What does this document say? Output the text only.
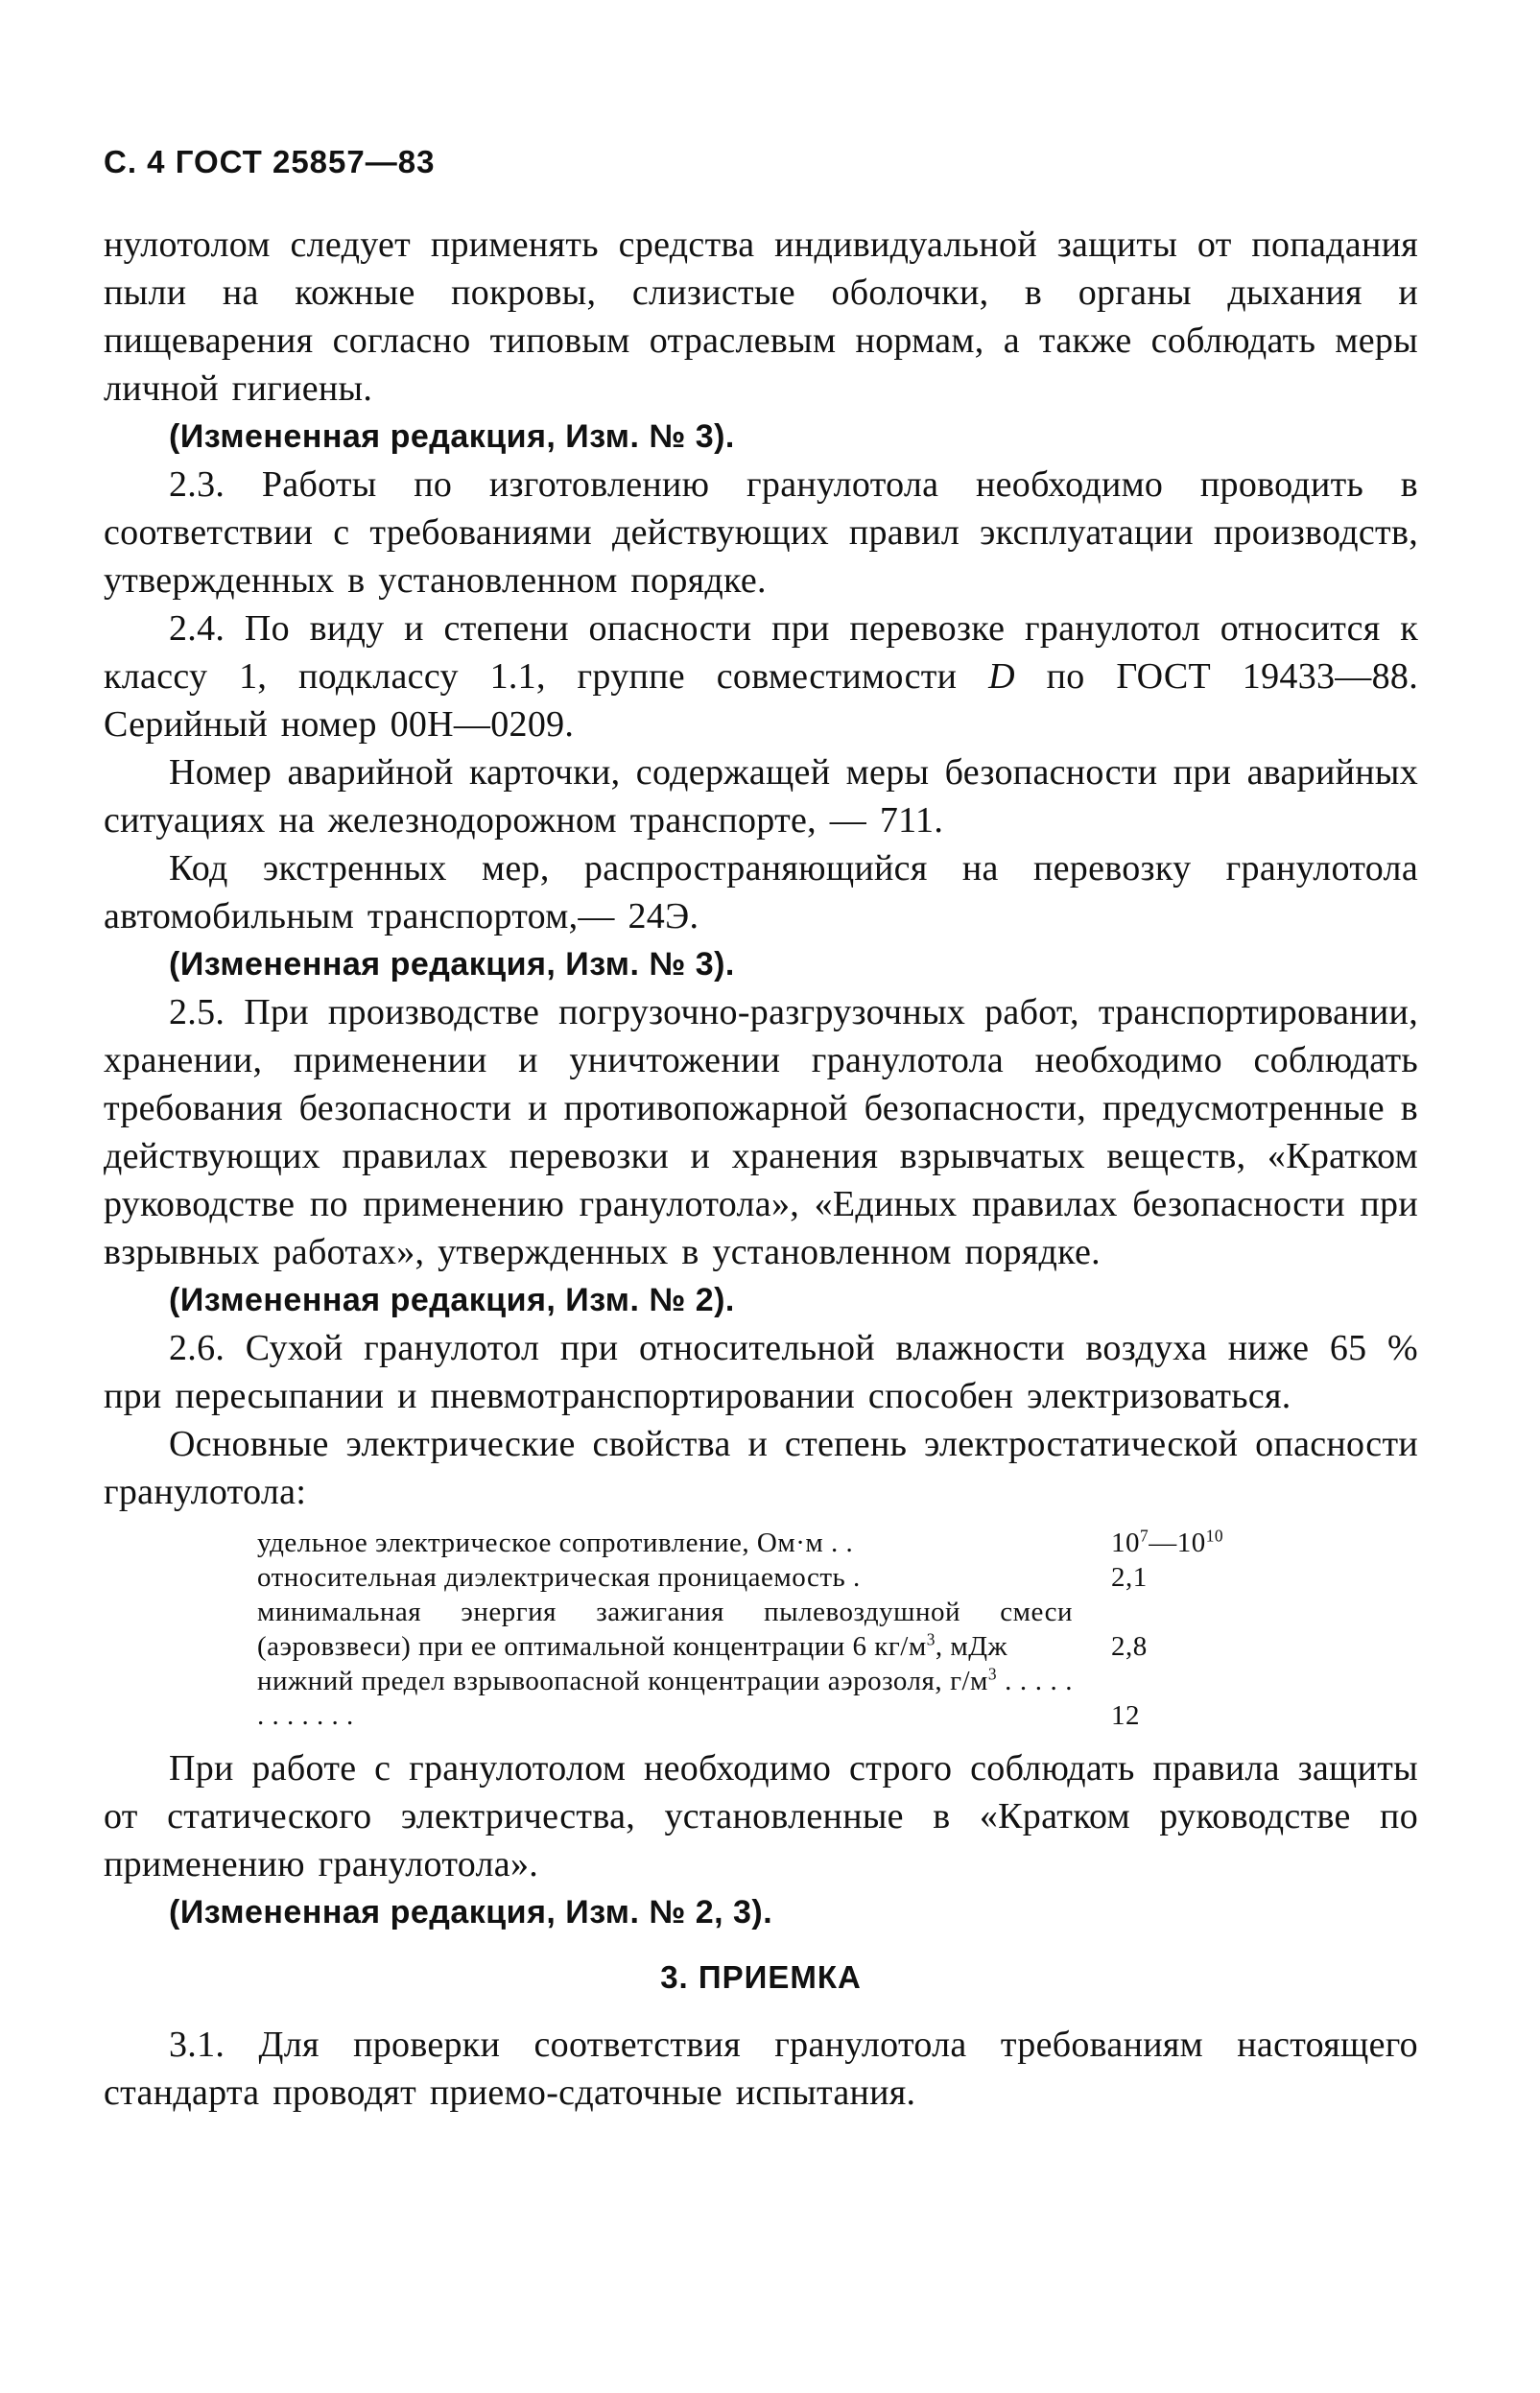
С. 4 ГОСТ 25857—83

нулотолом следует применять средства индивидуальной защиты от попадания пыли на кожные покровы, слизистые оболочки, в органы дыхания и пищеварения согласно типовым отраслевым нормам, а также соблюдать меры личной гигиены.

(Измененная редакция, Изм. № 3).

2.3. Работы по изготовлению гранулотола необходимо проводить в соответствии с требованиями действующих правил эксплуатации производств, утвержденных в установленном порядке.

2.4. По виду и степени опасности при перевозке гранулотол относится к классу 1, подклассу 1.1, группе совместимости D по ГОСТ 19433—88. Серийный номер 00Н—0209.

Номер аварийной карточки, содержащей меры безопасности при аварийных ситуациях на железнодорожном транспорте, — 711.

Код экстренных мер, распространяющийся на перевозку гранулотола автомобильным транспортом,— 24Э.

(Измененная редакция, Изм. № 3).

2.5. При производстве погрузочно-разгрузочных работ, транспортировании, хранении, применении и уничтожении гранулотола необходимо соблюдать требования безопасности и противопожарной безопасности, предусмотренные в действующих правилах перевозки и хранения взрывчатых веществ, «Кратком руководстве по применению гранулотола», «Единых правилах безопасности при взрывных работах», утвержденных в установленном порядке.

(Измененная редакция, Изм. № 2).

2.6. Сухой гранулотол при относительной влажности воздуха ниже 65 % при пересыпании и пневмотранспортировании способен электризоваться.

Основные электрические свойства и степень электростатической опасности гранулотола:

удельное электрическое сопротивление, Ом·м . .	$10^7—10^{10}$
относительная диэлектрическая проницаемость .	2,1
минимальная энергия зажигания пылевоздушной смеси (аэровзвеси) при ее оптимальной концентрации 6 $кг/м^3$, мДж	2,8
нижний предел взрывоопасной концентрации аэрозоля, $г/м^3$ . . . . . . . . . . . .	12

При работе с гранулотолом необходимо строго соблюдать правила защиты от статического электричества, установленные в «Кратком руководстве по применению гранулотола».

(Измененная редакция, Изм. № 2, 3).

3. ПРИЕМКА

3.1. Для проверки соответствия гранулотола требованиям настоящего стандарта проводят приемо-сдаточные испытания.
